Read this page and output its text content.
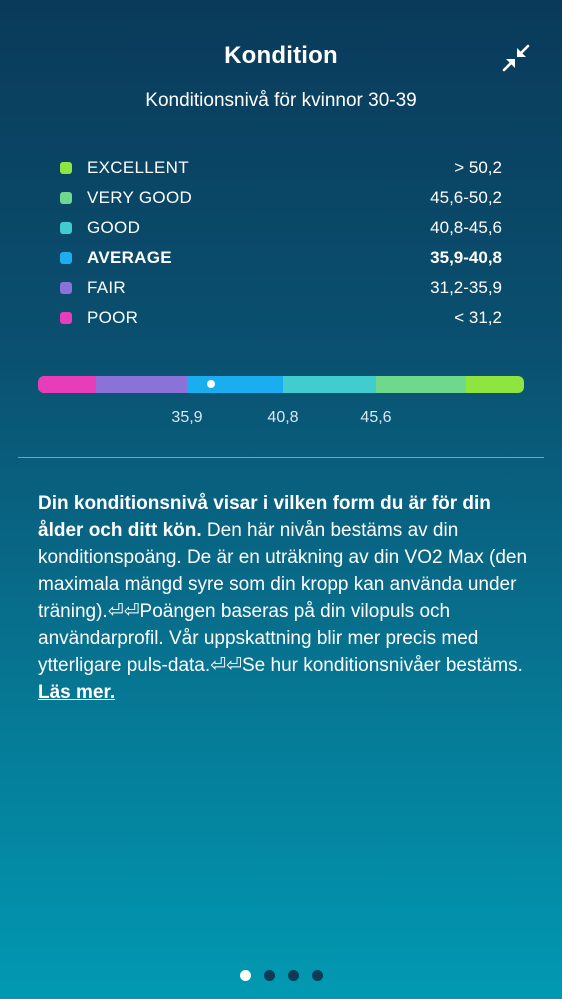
Kondition
Konditionsnivå för kvinnor 30-39
EXCELLENT	> 50,2
VERY GOOD	45,6-50,2
GOOD	40,8-45,6
AVERAGE	35,9-40,8
FAIR	31,2-35,9
POOR	< 31,2
35,9	40,8	45,6
Din konditionsnivå visar i vilken form du är för din ålder och ditt kön. Den här nivån bestäms av din konditionspoäng. De är en uträkning av din VO2 Max (den maximala mängd syre som din kropp kan använda under träning).⏎⏎Poängen baseras på din vilopuls och användarprofil. Vår uppskattning blir mer precis med ytterligare puls-data.⏎⏎Se hur konditionsnivåer bestäms. Läs mer.
